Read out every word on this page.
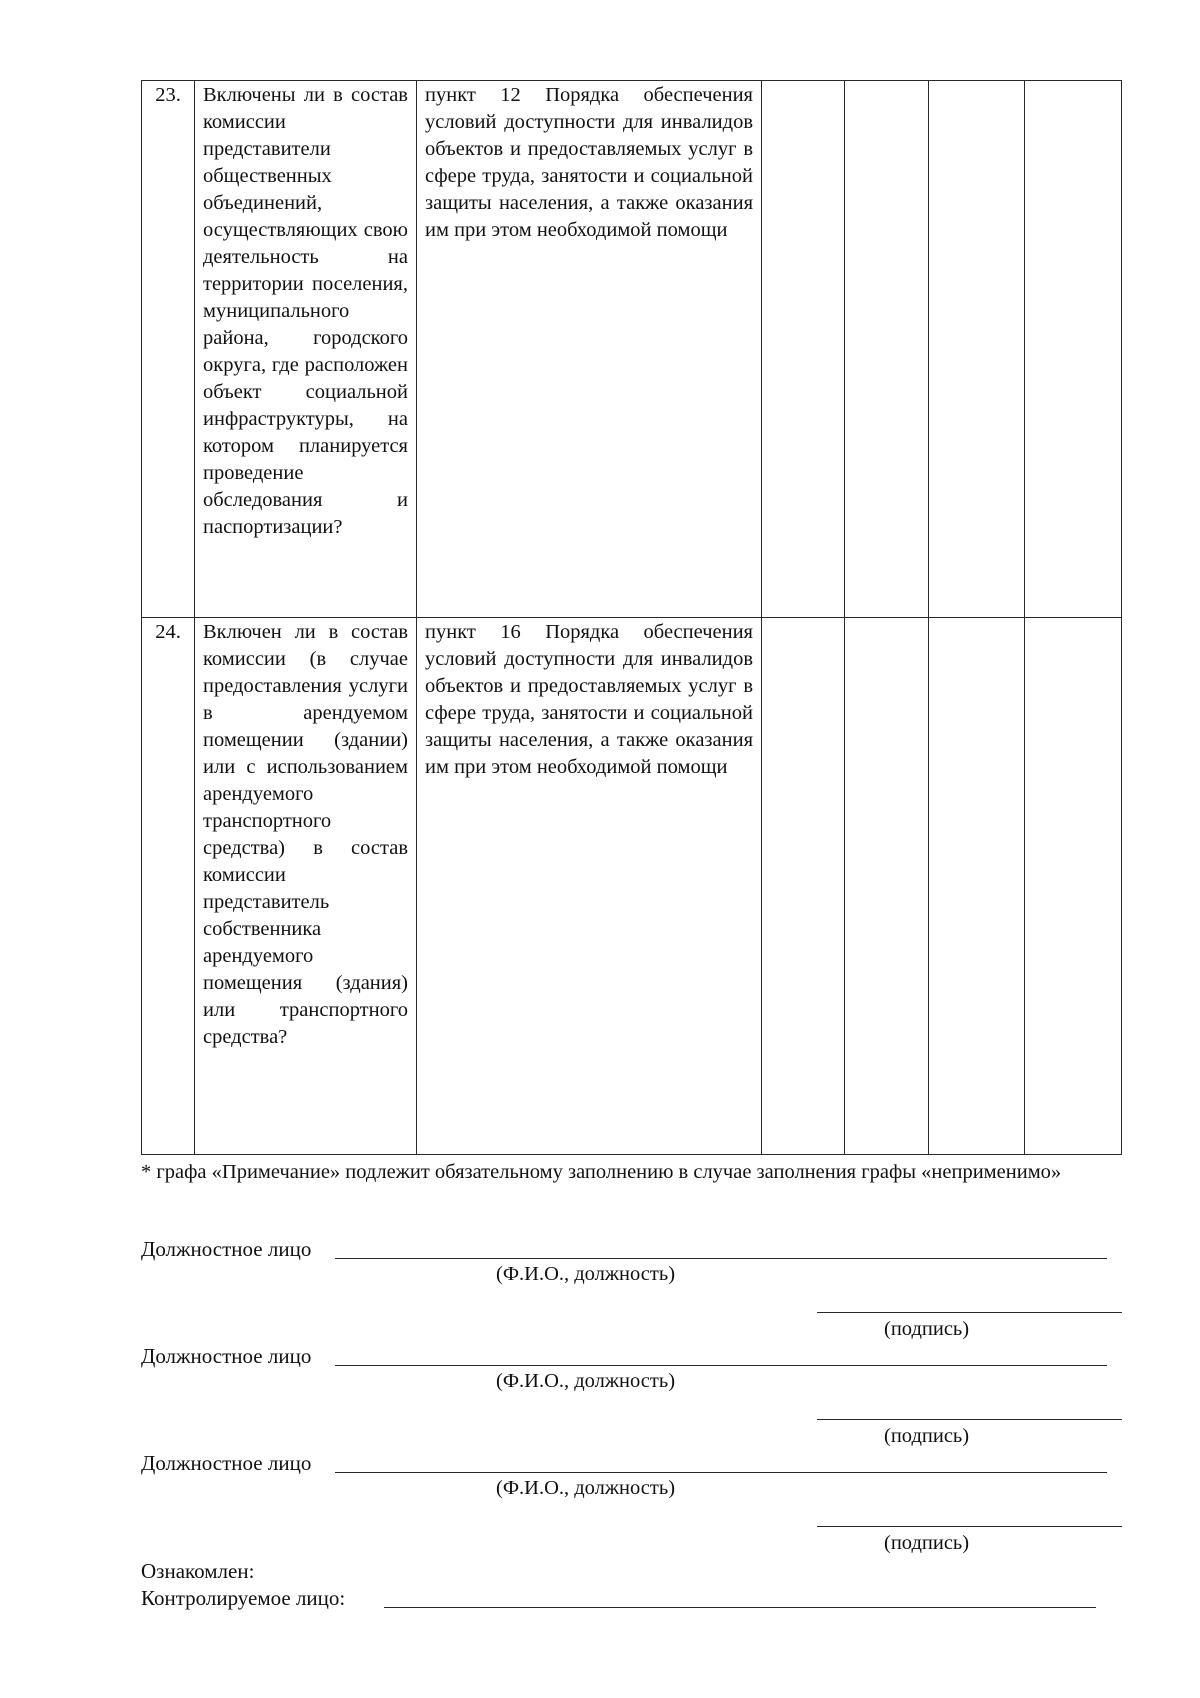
23.	Включены ли в состав комиссии представители общественных объединений, осуществляющих свою деятельность на территории поселения, муниципального района, городского округа, где расположен объект социальной инфраструктуры, на котором планируется проведение обследования и паспортизации?	пункт 12 Порядка обеспечения условий доступности для инвалидов объектов и предоставляемых услуг в сфере труда, занятости и социальной защиты населения, а также оказания им при этом необходимой помощи				
24.	Включен ли в состав комиссии (в случае предоставления услуги в арендуемом помещении (здании) или с использованием арендуемого транспортного средства) в состав комиссии представитель собственника арендуемого помещения (здания) или транспортного средства?	пункт 16 Порядка обеспечения условий доступности для инвалидов объектов и предоставляемых услуг в сфере труда, занятости и социальной защиты населения, а также оказания им при этом необходимой помощи				
* графа «Примечание» подлежит обязательному заполнению в случае заполнения графы «неприменимо»
Должностное лицо
(Ф.И.О., должность)
(подпись)
Должностное лицо
(Ф.И.О., должность)
(подпись)
Должностное лицо
(Ф.И.О., должность)
(подпись)
Ознакомлен:
Контролируемое лицо:
